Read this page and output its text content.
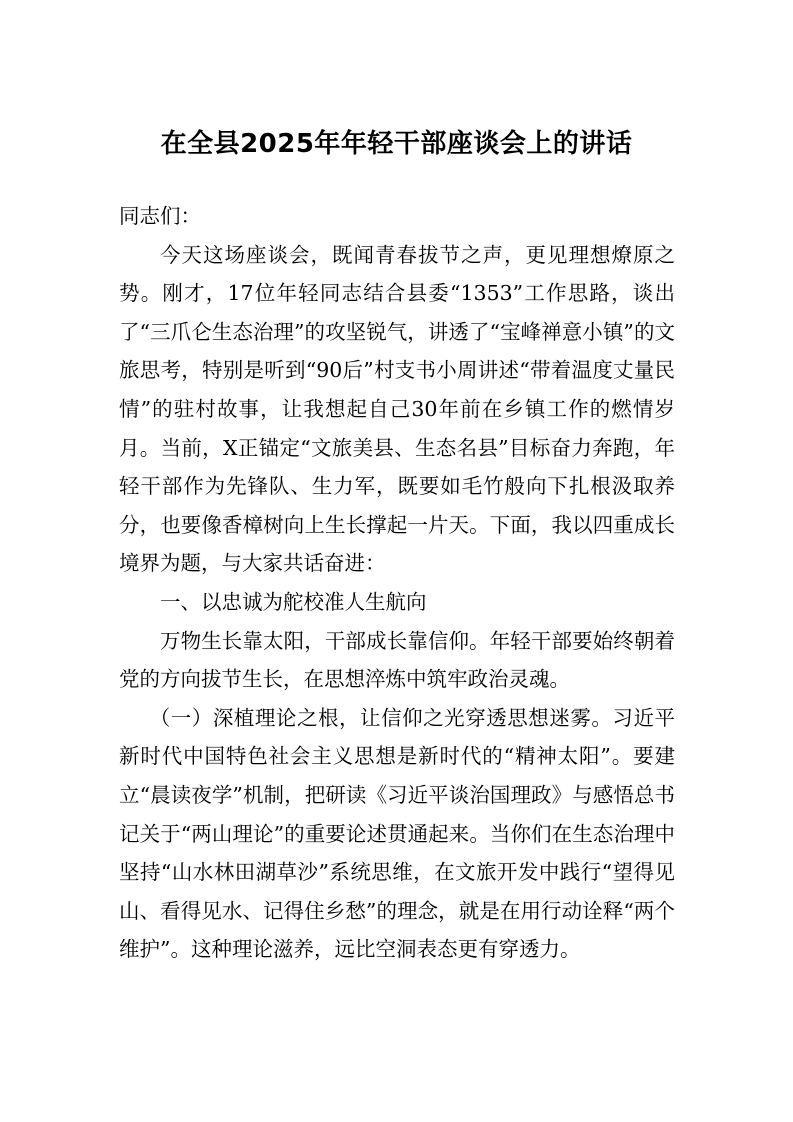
在全县2025年年轻干部座谈会上的讲话

同志们：

今天这场座谈会，既闻青春拔节之声，更见理想燎原之势。刚才，17位年轻同志结合县委“1353”工作思路，谈出了“三爪仑生态治理”的攻坚锐气，讲透了“宝峰禅意小镇”的文旅思考，特别是听到“90后”村支书小周讲述“带着温度丈量民情”的驻村故事，让我想起自己30年前在乡镇工作的燃情岁月。当前，X正锚定“文旅美县、生态名县”目标奋力奔跑，年轻干部作为先锋队、生力军，既要如毛竹般向下扎根汲取养分，也要像香樟树向上生长撑起一片天。下面，我以四重成长境界为题，与大家共话奋进：

一、以忠诚为舵校准人生航向

万物生长靠太阳，干部成长靠信仰。年轻干部要始终朝着党的方向拔节生长，在思想淬炼中筑牢政治灵魂。

（一）深植理论之根，让信仰之光穿透思想迷雾。习近平新时代中国特色社会主义思想是新时代的“精神太阳”。要建立“晨读夜学”机制，把研读《习近平谈治国理政》与感悟总书记关于“两山理论”的重要论述贯通起来。当你们在生态治理中坚持“山水林田湖草沙”系统思维，在文旅开发中践行“望得见山、看得见水、记得住乡愁”的理念，就是在用行动诠释“两个维护”。这种理论滋养，远比空洞表态更有穿透力。
